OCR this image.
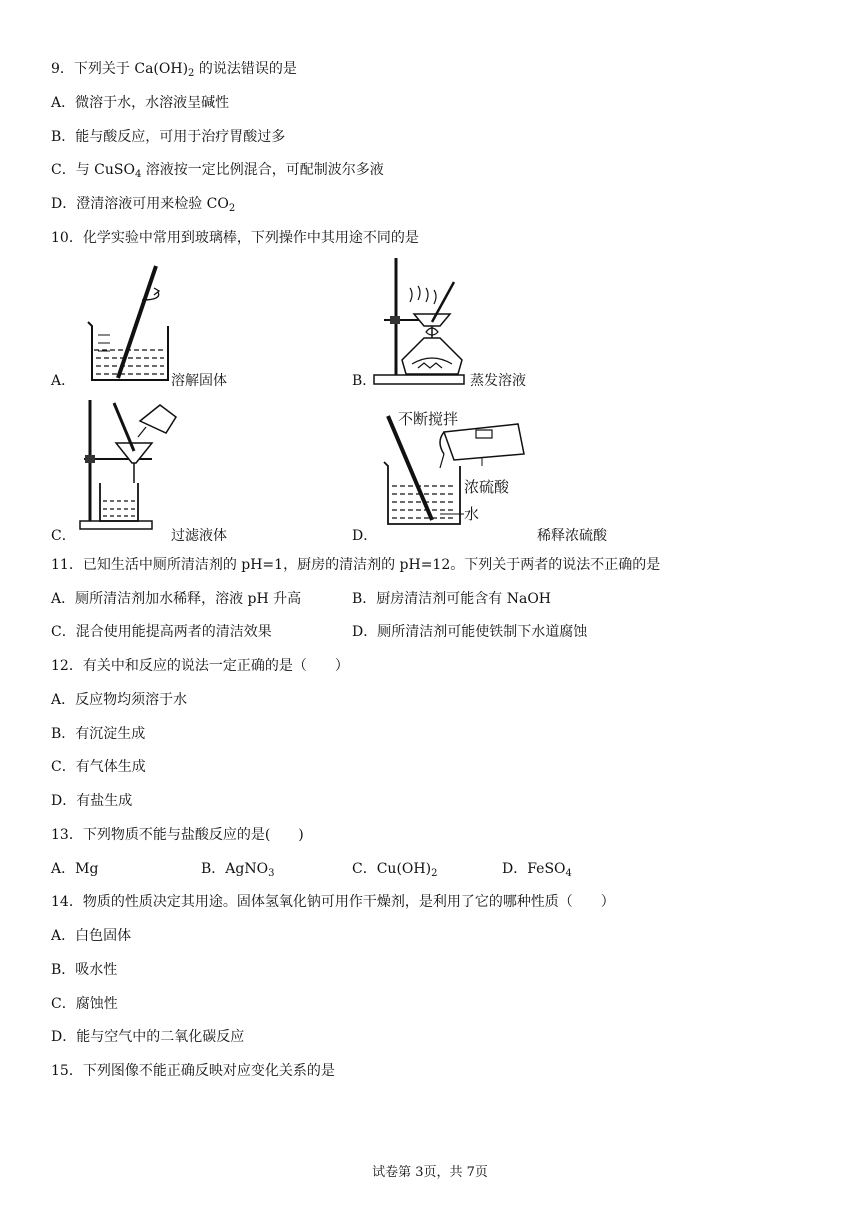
9．下列关于 $Ca(OH)_2$ 的说法错误的是
A．微溶于水，水溶液呈碱性
B．能与酸反应，可用于治疗胃酸过多
C．与 CuSO$_4$ 溶液按一定比例混合，可配制波尔多液
D．澄清溶液可用来检验 $CO_2$
10．化学实验中常用到玻璃棒，下列操作中其用途不同的是
A．	溶解固体	B．	蒸发溶液
C．	过滤液体
不断搅拌
浓硫酸
水
D．	稀释浓硫酸
11．已知生活中厕所清洁剂的 pH=1，厨房的清洁剂的 pH=12。下列关于两者的说法不正确的是
A．厕所清洁剂加水稀释，溶液 pH 升高	B．厨房清洁剂可能含有 NaOH
C．混合使用能提高两者的清洁效果	D．厕所清洁剂可能使铁制下水道腐蚀
12．有关中和反应的说法一定正确的是（　　）
A．反应物均须溶于水
B．有沉淀生成
C．有气体生成
D．有盐生成
13．下列物质不能与盐酸反应的是(　　)
A．Mg	B．AgNO$_3$	C．$Cu(OH)_2$	D．FeSO$_4$
14．物质的性质决定其用途。固体氢氧化钠可用作干燥剂，是利用了它的哪种性质（　　）
A．白色固体
B．吸水性
C．腐蚀性
D．能与空气中的二氧化碳反应
15．下列图像不能正确反映对应变化关系的是
试卷第 3页，共 7页
